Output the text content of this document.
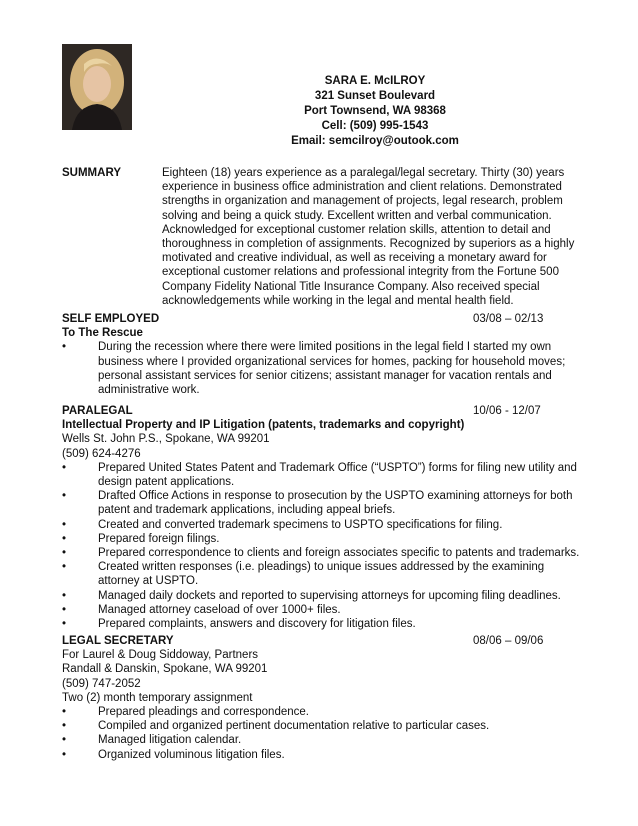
SARA E. McILROY
321 Sunset Boulevard
Port Townsend, WA 98368
Cell: (509) 995-1543
Email: semcilroy@outook.com
SUMMARY	Eighteen (18) years experience as a paralegal/legal secretary. Thirty (30) years experience in business office administration and client relations. Demonstrated strengths in organization and management of projects, legal research, problem solving and being a quick study. Excellent written and verbal communication. Acknowledged for exceptional customer relation skills, attention to detail and thoroughness in completion of assignments. Recognized by superiors as a highly motivated and creative individual, as well as receiving a monetary award for exceptional customer relations and professional integrity from the Fortune 500 Company Fidelity National Title Insurance Company. Also received special acknowledgements while working in the legal and mental health field.
SELF EMPLOYED	03/08 – 02/13
To The Rescue
•	During the recession where there were limited positions in the legal field I started my own business where I provided organizational services for homes, packing for household moves; personal assistant services for senior citizens; assistant manager for vacation rentals and administrative work.
PARALEGAL	10/06 - 12/07
Intellectual Property and IP Litigation (patents, trademarks and copyright)
Wells St. John P.S., Spokane, WA 99201
(509) 624-4276
•	Prepared United States Patent and Trademark Office (“USPTO”) forms for filing new utility and design patent applications.
•	Drafted Office Actions in response to prosecution by the USPTO examining attorneys for both patent and trademark applications, including appeal briefs.
•	Created and converted trademark specimens to USPTO specifications for filing.
•	Prepared foreign filings.
•	Prepared correspondence to clients and foreign associates specific to patents and trademarks.
•	Created written responses (i.e. pleadings) to unique issues addressed by the examining attorney at USPTO.
•	Managed daily dockets and reported to supervising attorneys for upcoming filing deadlines.
•	Managed attorney caseload of over 1000+ files.
•	Prepared complaints, answers and discovery for litigation files.
LEGAL SECRETARY	08/06 – 09/06
For Laurel & Doug Siddoway, Partners
Randall & Danskin, Spokane, WA 99201
(509) 747-2052
Two (2) month temporary assignment
•	Prepared pleadings and correspondence.
•	Compiled and organized pertinent documentation relative to particular cases.
•	Managed litigation calendar.
•	Organized voluminous litigation files.
